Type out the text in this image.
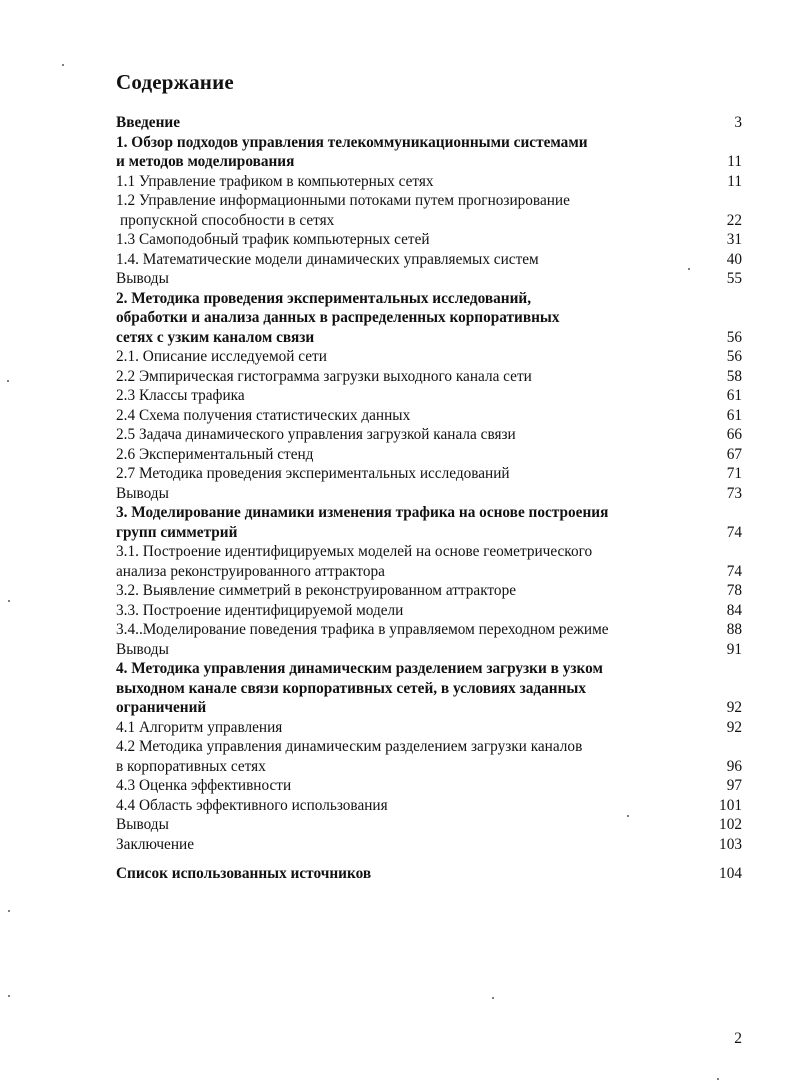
Содержание
Введение	3
1. Обзор подходов управления телекоммуникационными системами
и методов моделирования	11
1.1 Управление трафиком в компьютерных сетях	11
1.2 Управление информационными потоками путем прогнозирование
пропускной способности в сетях	22
1.3 Самоподобный трафик компьютерных сетей	31
1.4. Математические модели динамических управляемых систем	40
Выводы	55
2. Методика проведения экспериментальных исследований,
обработки и анализа данных в распределенных корпоративных
сетях с узким каналом связи	56
2.1. Описание исследуемой сети	56
2.2 Эмпирическая гистограмма загрузки выходного канала сети	58
2.3 Классы трафика	61
2.4 Схема получения статистических данных	61
2.5 Задача динамического управления загрузкой канала связи	66
2.6 Экспериментальный стенд	67
2.7 Методика проведения экспериментальных исследований	71
Выводы	73
3. Моделирование динамики изменения трафика на основе построения
групп симметрий	74
3.1. Построение идентифицируемых моделей на основе геометрического
анализа реконструированного аттрактора	74
3.2. Выявление симметрий в реконструированном аттракторе	78
3.3. Построение идентифицируемой модели	84
3.4..Моделирование поведения трафика в управляемом переходном режиме	88
Выводы	91
4. Методика управления динамическим разделением загрузки в узком
выходном канале связи корпоративных сетей, в условиях заданных
ограничений	92
4.1 Алгоритм управления	92
4.2 Методика управления динамическим разделением загрузки каналов
в корпоративных сетях	96
4.3 Оценка эффективности	97
4.4 Область эффективного использования	101
Выводы	102
Заключение	103
Список использованных источников	104
2
